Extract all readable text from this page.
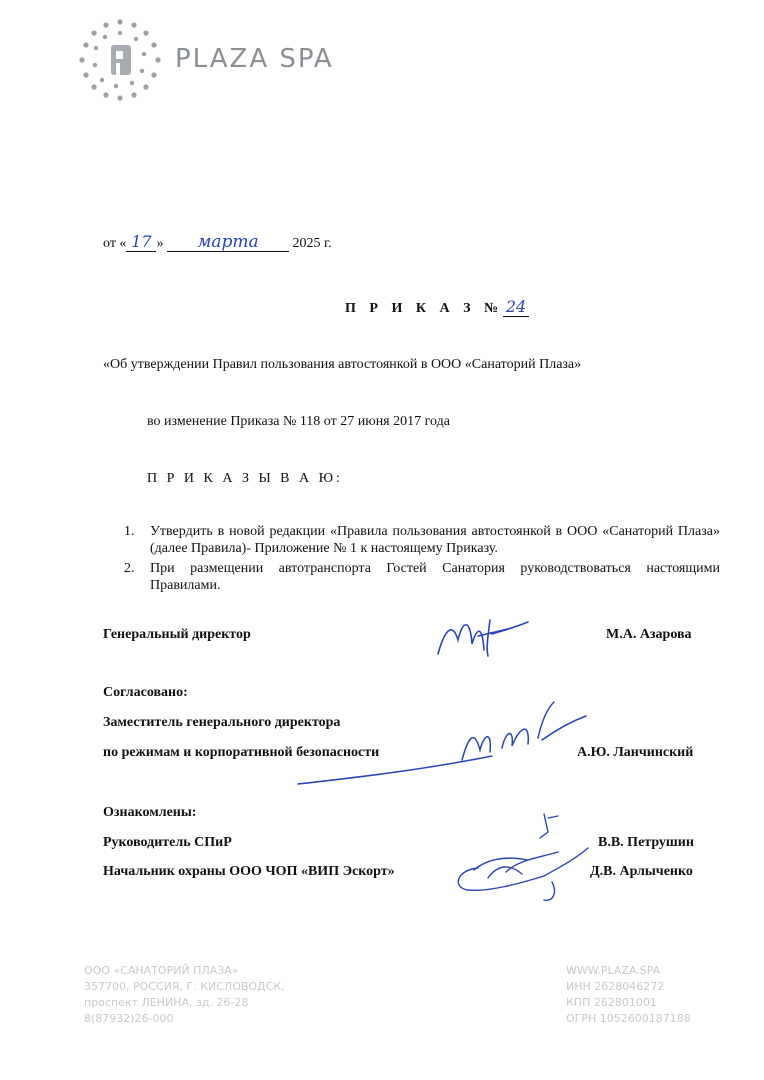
PLAZA SPA
от « 17 » марта 2025 г.
П Р И К А З № 24
«Об утверждении Правил пользования автостоянкой в ООО «Санаторий Плаза»
во изменение Приказа № 118 от 27 июня 2017 года
П Р И К А З Ы В А Ю:
1. Утвердить в новой редакции «Правила пользования автостоянкой в ООО «Санаторий Плаза» (далее Правила)- Приложение № 1 к настоящему Приказу.
2. При размещении автотранспорта Гостей Санатория руководствоваться настоящими Правилами.
Генеральный директор	М.А. Азарова
Согласовано:
Заместитель генерального директора
по режимам и корпоративной безопасности	А.Ю. Ланчинский
Ознакомлены:
Руководитель СПиР	В.В. Петрушин
Начальник охраны ООО ЧОП «ВИП Эскорт»	Д.В. Арлыченко
ООО «САНАТОРИЙ ПЛАЗА»
357700, РОССИЯ, Г. КИСЛОВОДСК,
проспект ЛЕНИНА, зд. 26-28
8(87932)26-000
WWW.PLAZA.SPA
ИНН 2628046272
КПП 262801001
ОГРН 1052600187188
